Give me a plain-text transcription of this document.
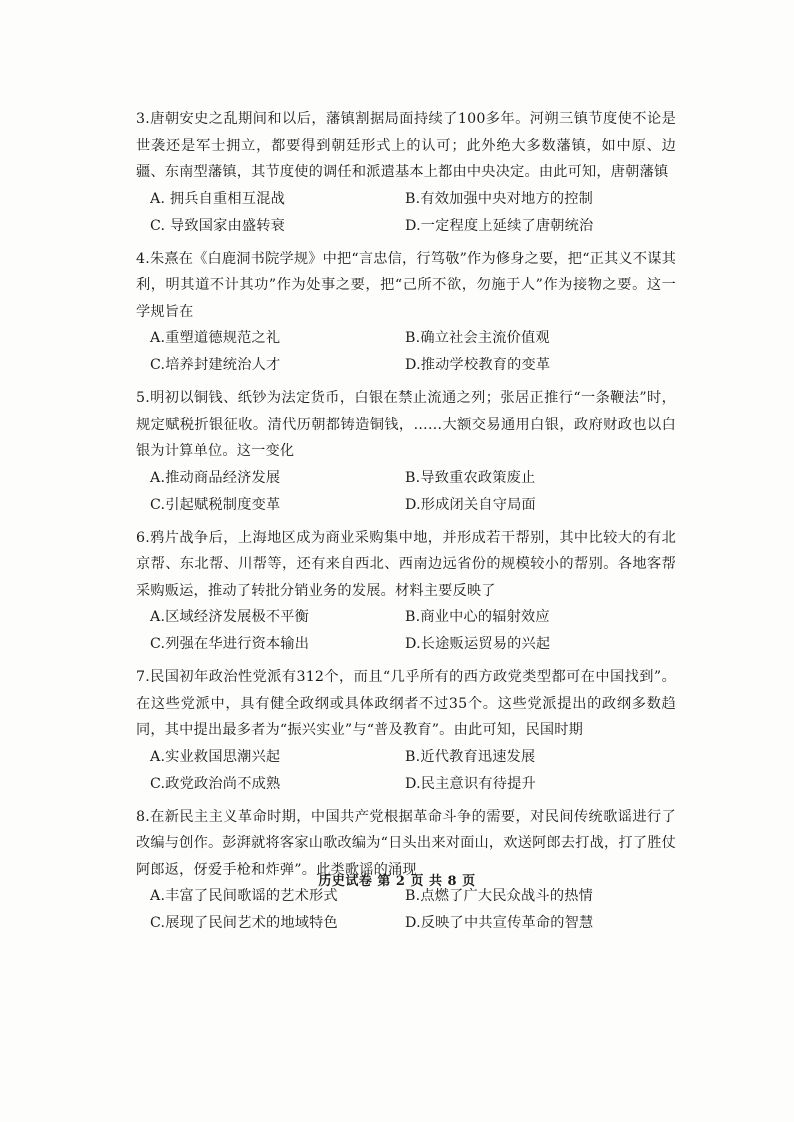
3.唐朝安史之乱期间和以后，藩镇割据局面持续了100多年。河朔三镇节度使不论是世袭还是军士拥立，都要得到朝廷形式上的认可；此外绝大多数藩镇，如中原、边疆、东南型藩镇，其节度使的调任和派遣基本上都由中央决定。由此可知，唐朝藩镇

A. 拥兵自重相互混战	B.有效加强中央对地方的控制
C. 导致国家由盛转衰	D.一定程度上延续了唐朝统治

4.朱熹在《白鹿洞书院学规》中把“言忠信，行笃敬”作为修身之要，把“正其义不谋其利，明其道不计其功”作为处事之要，把“己所不欲，勿施于人”作为接物之要。这一学规旨在

A.重塑道德规范之礼	B.确立社会主流价值观
C.培养封建统治人才	D.推动学校教育的变革

5.明初以铜钱、纸钞为法定货币，白银在禁止流通之列；张居正推行“一条鞭法”时，规定赋税折银征收。清代历朝都铸造铜钱，……大额交易通用白银，政府财政也以白银为计算单位。这一变化

A.推动商品经济发展	B.导致重农政策废止
C.引起赋税制度变革	D.形成闭关自守局面

6.鸦片战争后，上海地区成为商业采购集中地，并形成若干帮别，其中比较大的有北京帮、东北帮、川帮等，还有来自西北、西南边远省份的规模较小的帮别。各地客帮采购贩运，推动了转批分销业务的发展。材料主要反映了

A.区域经济发展极不平衡	B.商业中心的辐射效应
C.列强在华进行资本输出	D.长途贩运贸易的兴起

7.民国初年政治性党派有312个，而且“几乎所有的西方政党类型都可在中国找到”。在这些党派中，具有健全政纲或具体政纲者不过35个。这些党派提出的政纲多数趋同，其中提出最多者为“振兴实业”与“普及教育”。由此可知，民国时期

A.实业救国思潮兴起	B.近代教育迅速发展
C.政党政治尚不成熟	D.民主意识有待提升

8.在新民主主义革命时期，中国共产党根据革命斗争的需要，对民间传统歌谣进行了改编与创作。彭湃就将客家山歌改编为“日头出来对面山，欢送阿郎去打战，打了胜仗阿郎返，伢爱手枪和炸弹”。此类歌谣的涌现

A.丰富了民间歌谣的艺术形式	B.点燃了广大民众战斗的热情
C.展现了民间艺术的地域特色	D.反映了中共宣传革命的智慧
历史试卷 第 2 页 共 8 页
